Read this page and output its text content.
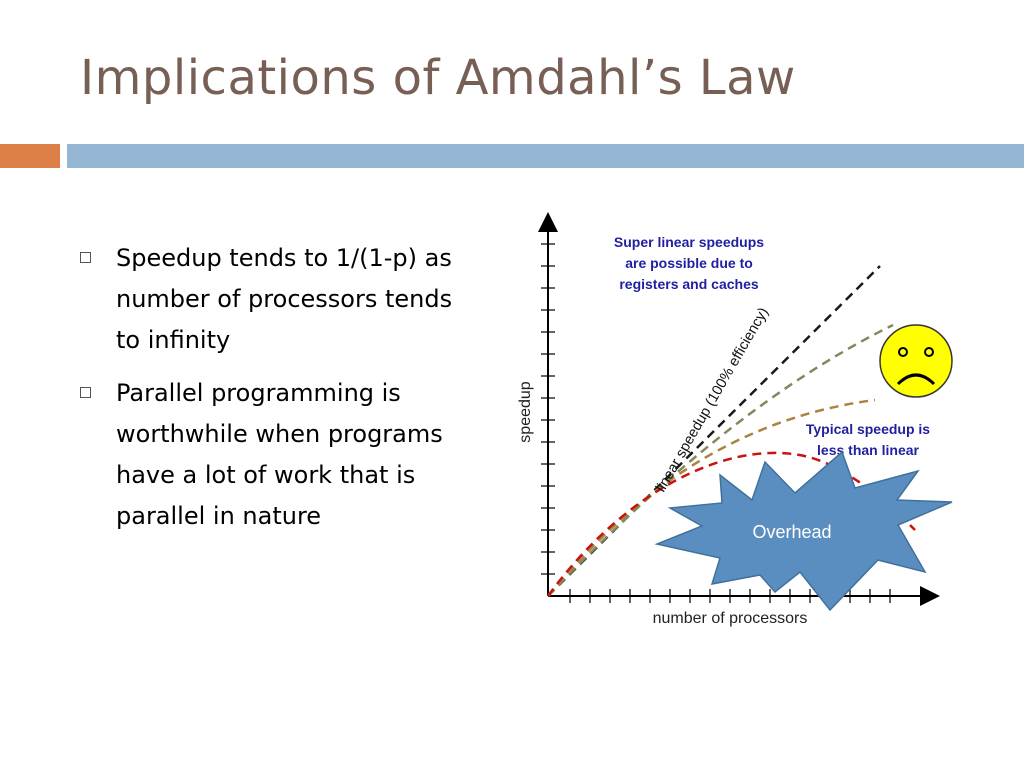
Implications of Amdahl’s Law
Speedup tends to 1/(1-p) as number of processors tends to infinity
Parallel programming is worthwhile when programs have a lot of work that is parallel in nature
number of processors
speedup	linear speedup (100% efficiency)
Super linear speedups
are possible due to
registers and caches
Typical speedup is
less than linear
Overhead
